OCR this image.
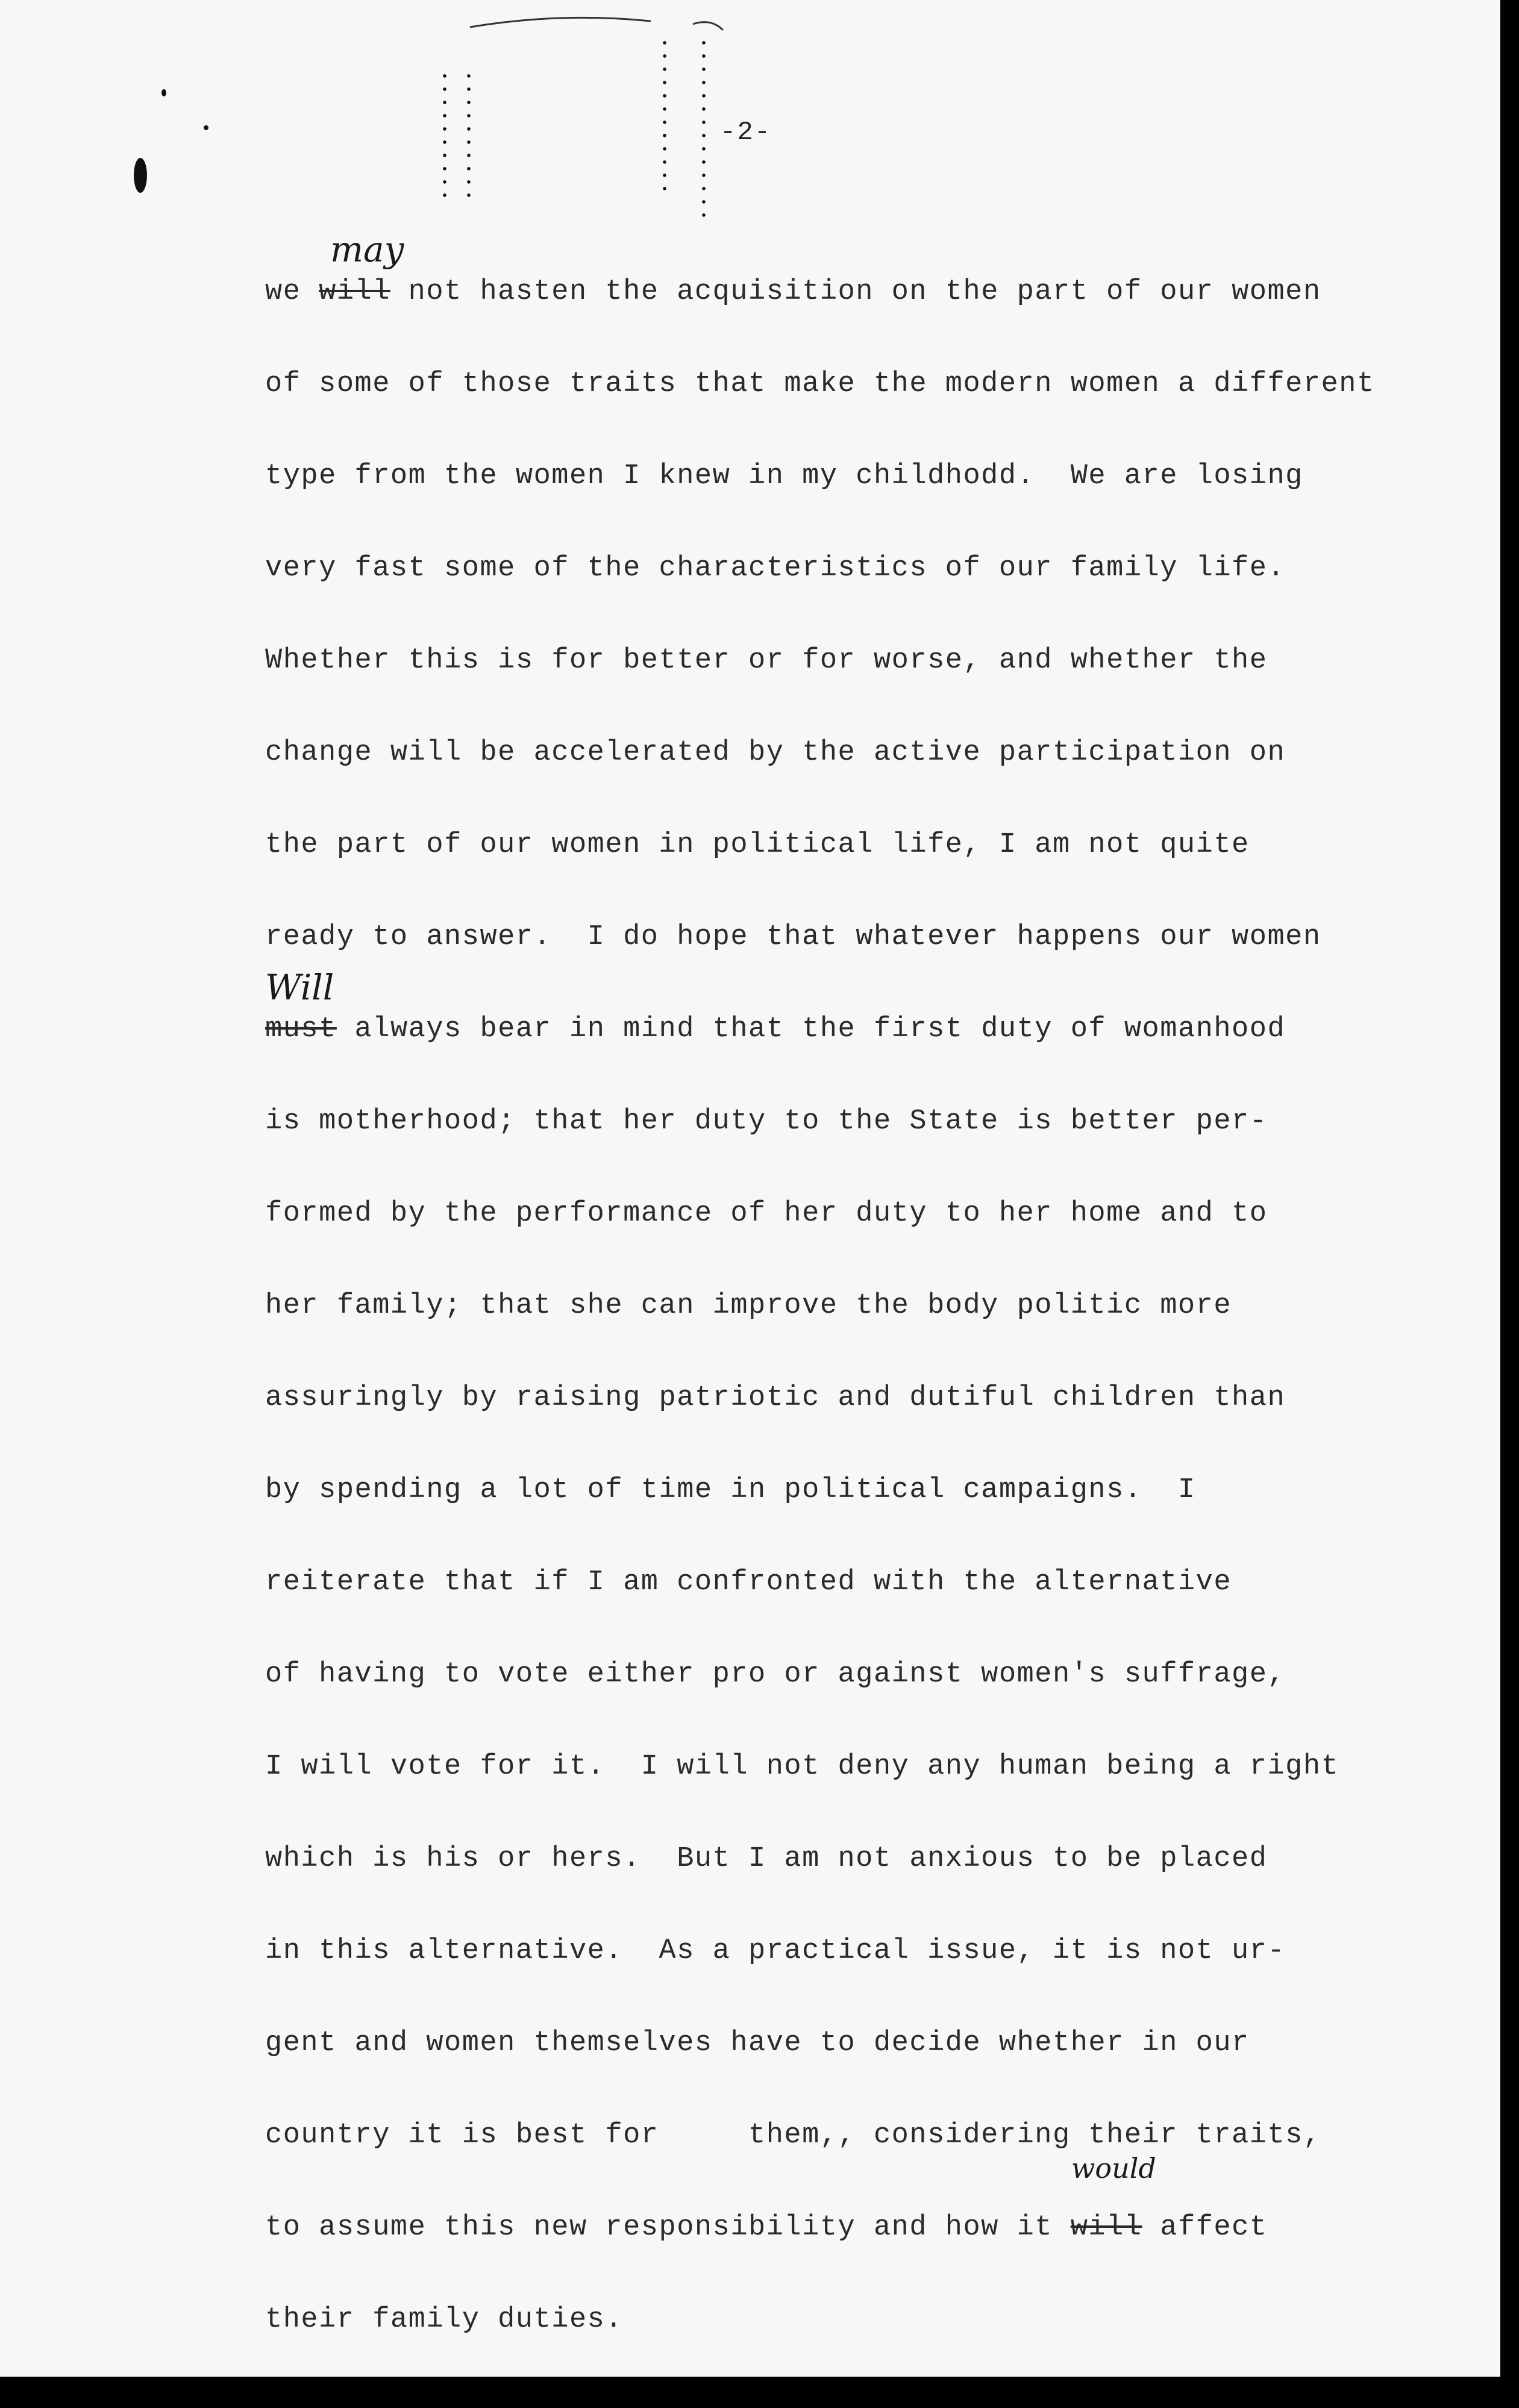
-2-
may
Will
would
we will not hasten the acquisition on the part of our women
of some of those traits that make the modern women a different
type from the women I knew in my childhodd.  We are losing
very fast some of the characteristics of our family life.
Whether this is for better or for worse, and whether the
change will be accelerated by the active participation on
the part of our women in political life, I am not quite
ready to answer.  I do hope that whatever happens our women
must always bear in mind that the first duty of womanhood
is motherhood; that her duty to the State is better per-
formed by the performance of her duty to her home and to
her family; that she can improve the body politic more
assuringly by raising patriotic and dutiful children than
by spending a lot of time in political campaigns.  I
reiterate that if I am confronted with the alternative
of having to vote either pro or against women's suffrage,
I will vote for it.  I will not deny any human being a right
which is his or hers.  But I am not anxious to be placed
in this alternative.  As a practical issue, it is not ur-
gent and women themselves have to decide whether in our
country it is best for     them,, considering their traits,
to assume this new responsibility and how it will affect
their family duties.
